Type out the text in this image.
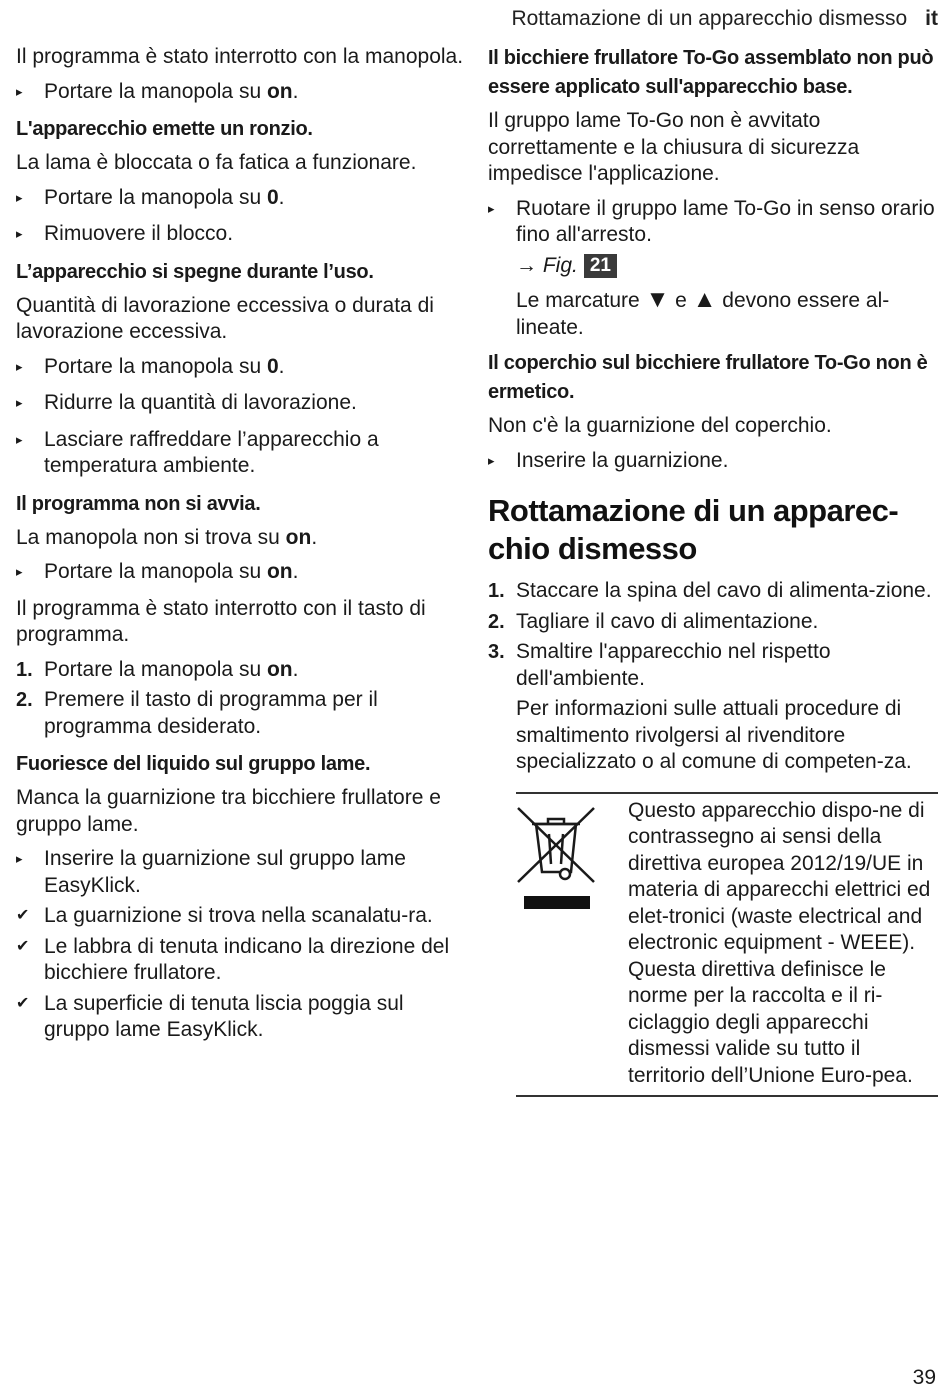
Rottamazione di un apparecchio dismesso it

Il programma è stato interrotto con la manopola.

▸	Portare la manopola su on.
L'apparecchio emette un ronzio.

La lama è bloccata o fa fatica a funzionare.

▸	Portare la manopola su 0.
▸	Rimuovere il blocco.
L’apparecchio si spegne durante l’uso.

Quantità di lavorazione eccessiva o durata di lavorazione eccessiva.

▸	Portare la manopola su 0.
▸	Ridurre la quantità di lavorazione.
▸	Lasciare raffreddare l’apparecchio a temperatura ambiente.
Il programma non si avvia.

La manopola non si trova su on.

▸	Portare la manopola su on.

Il programma è stato interrotto con il tasto di programma.

1. Portare la manopola su on.
2. Premere il tasto di programma per il programma desiderato.
Fuoriesce del liquido sul gruppo lame.

Manca la guarnizione tra bicchiere frullatore e gruppo lame.

▸	Inserire la guarnizione sul gruppo lame EasyKlick.
✔ La guarnizione si trova nella scanalatu-ra.
✔ Le labbra di tenuta indicano la direzione del bicchiere frullatore.
✔ La superficie di tenuta liscia poggia sul gruppo lame EasyKlick.
Il bicchiere frullatore To-Go assemblato non può essere applicato sull'apparecchio base.

Il gruppo lame To-Go non è avvitato correttamente e la chiusura di sicurezza impedisce l'applicazione.

▸	Ruotare il gruppo lame To-Go in senso orario fino all'arresto.
→ Fig. 21

Le marcature ▼ e ▲ devono essere al-lineate.

Il coperchio sul bicchiere frullatore To-Go non è ermetico.

Non c'è la guarnizione del coperchio.

▸	Inserire la guarnizione.
Rottamazione di un apparec-chio dismesso
1. Staccare la spina del cavo di alimenta-zione.
2. Tagliare il cavo di alimentazione.
3. Smaltire l'apparecchio nel rispetto dell'ambiente.

Per informazioni sulle attuali procedure di smaltimento rivolgersi al rivenditore specializzato o al comune di competen-za.

Questo apparecchio dispo-ne di contrassegno ai sensi della direttiva europea 2012/19/UE in materia di apparecchi elettrici ed elet-tronici (waste electrical and electronic equipment - WEEE).
Questa direttiva definisce le norme per la raccolta e il ri-ciclaggio degli apparecchi dismessi valide su tutto il territorio dell’Unione Euro-pea.
39
